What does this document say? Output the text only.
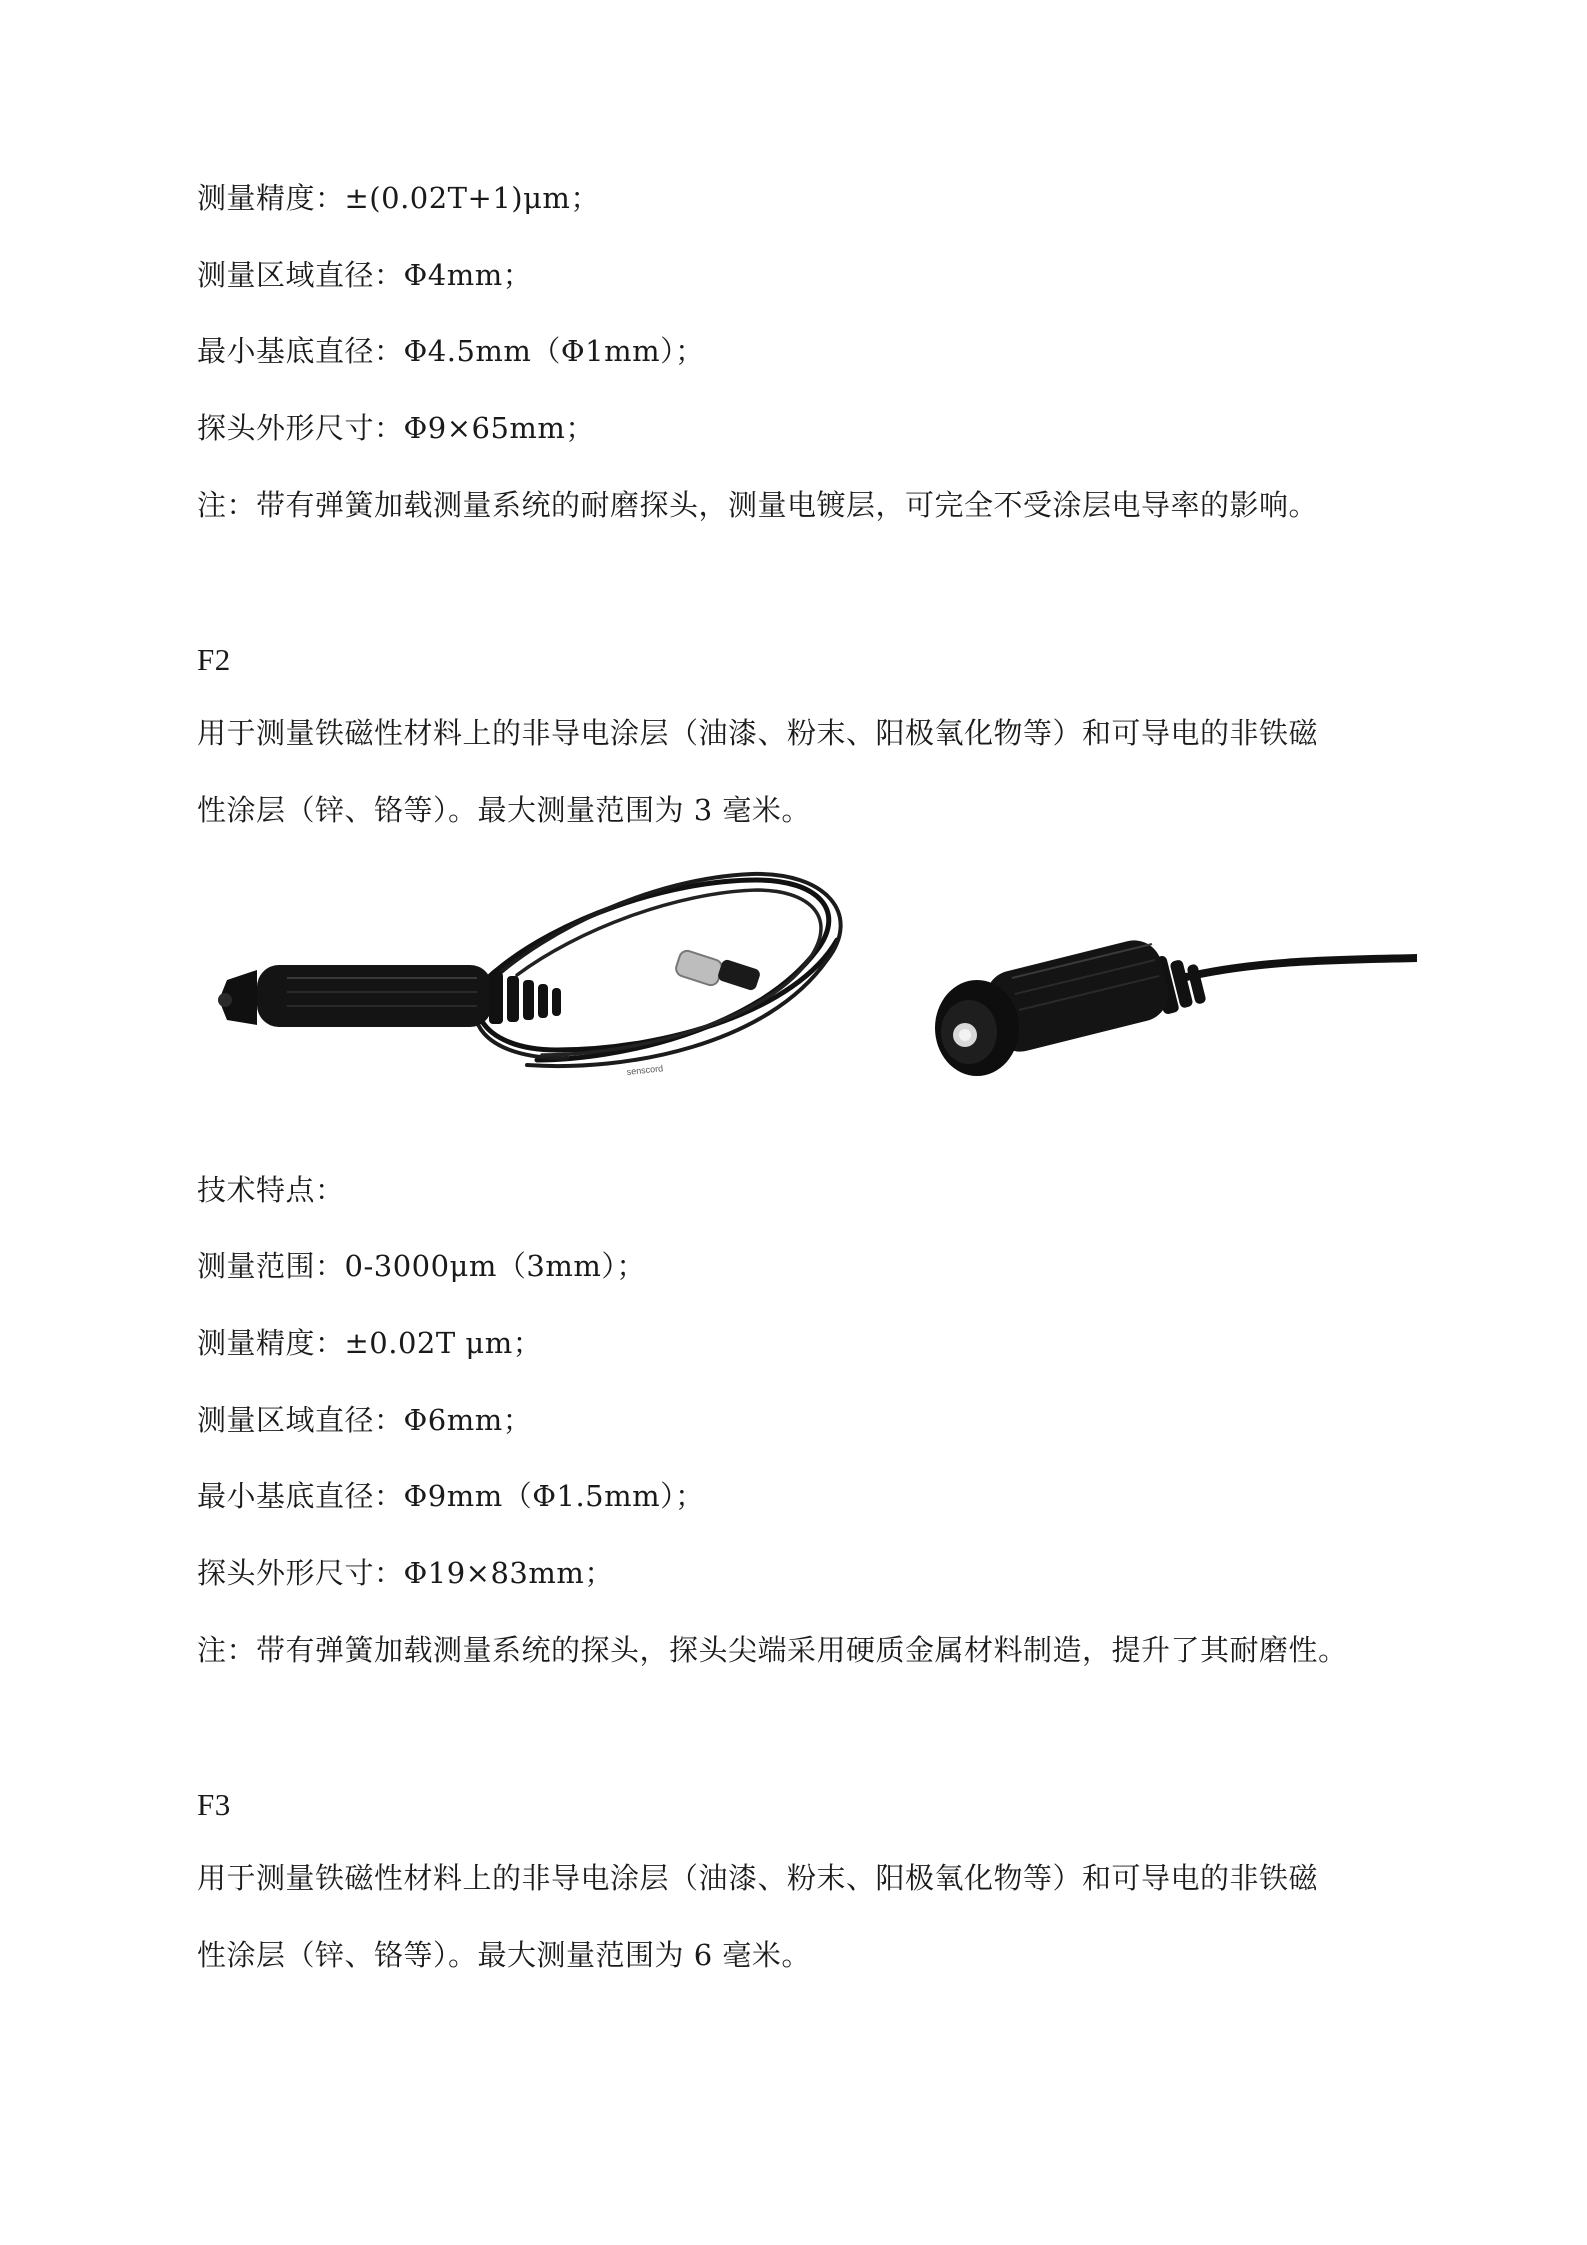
测量精度：±(0.02T+1)μm；
测量区域直径：Φ4mm；
最小基底直径：Φ4.5mm（Φ1mm）；
探头外形尺寸：Φ9×65mm；
注：带有弹簧加载测量系统的耐磨探头，测量电镀层，可完全不受涂层电导率的影响。
F2
用于测量铁磁性材料上的非导电涂层（油漆、粉末、阳极氧化物等）和可导电的非铁磁
性涂层（锌、铬等）。最大测量范围为 3 毫米。
senscord
技术特点：
测量范围：0-3000μm（3mm）；
测量精度：±0.02T μm；
测量区域直径：Φ6mm；
最小基底直径：Φ9mm（Φ1.5mm）；
探头外形尺寸：Φ19×83mm；
注：带有弹簧加载测量系统的探头，探头尖端采用硬质金属材料制造，提升了其耐磨性。
F3
用于测量铁磁性材料上的非导电涂层（油漆、粉末、阳极氧化物等）和可导电的非铁磁
性涂层（锌、铬等）。最大测量范围为 6 毫米。
